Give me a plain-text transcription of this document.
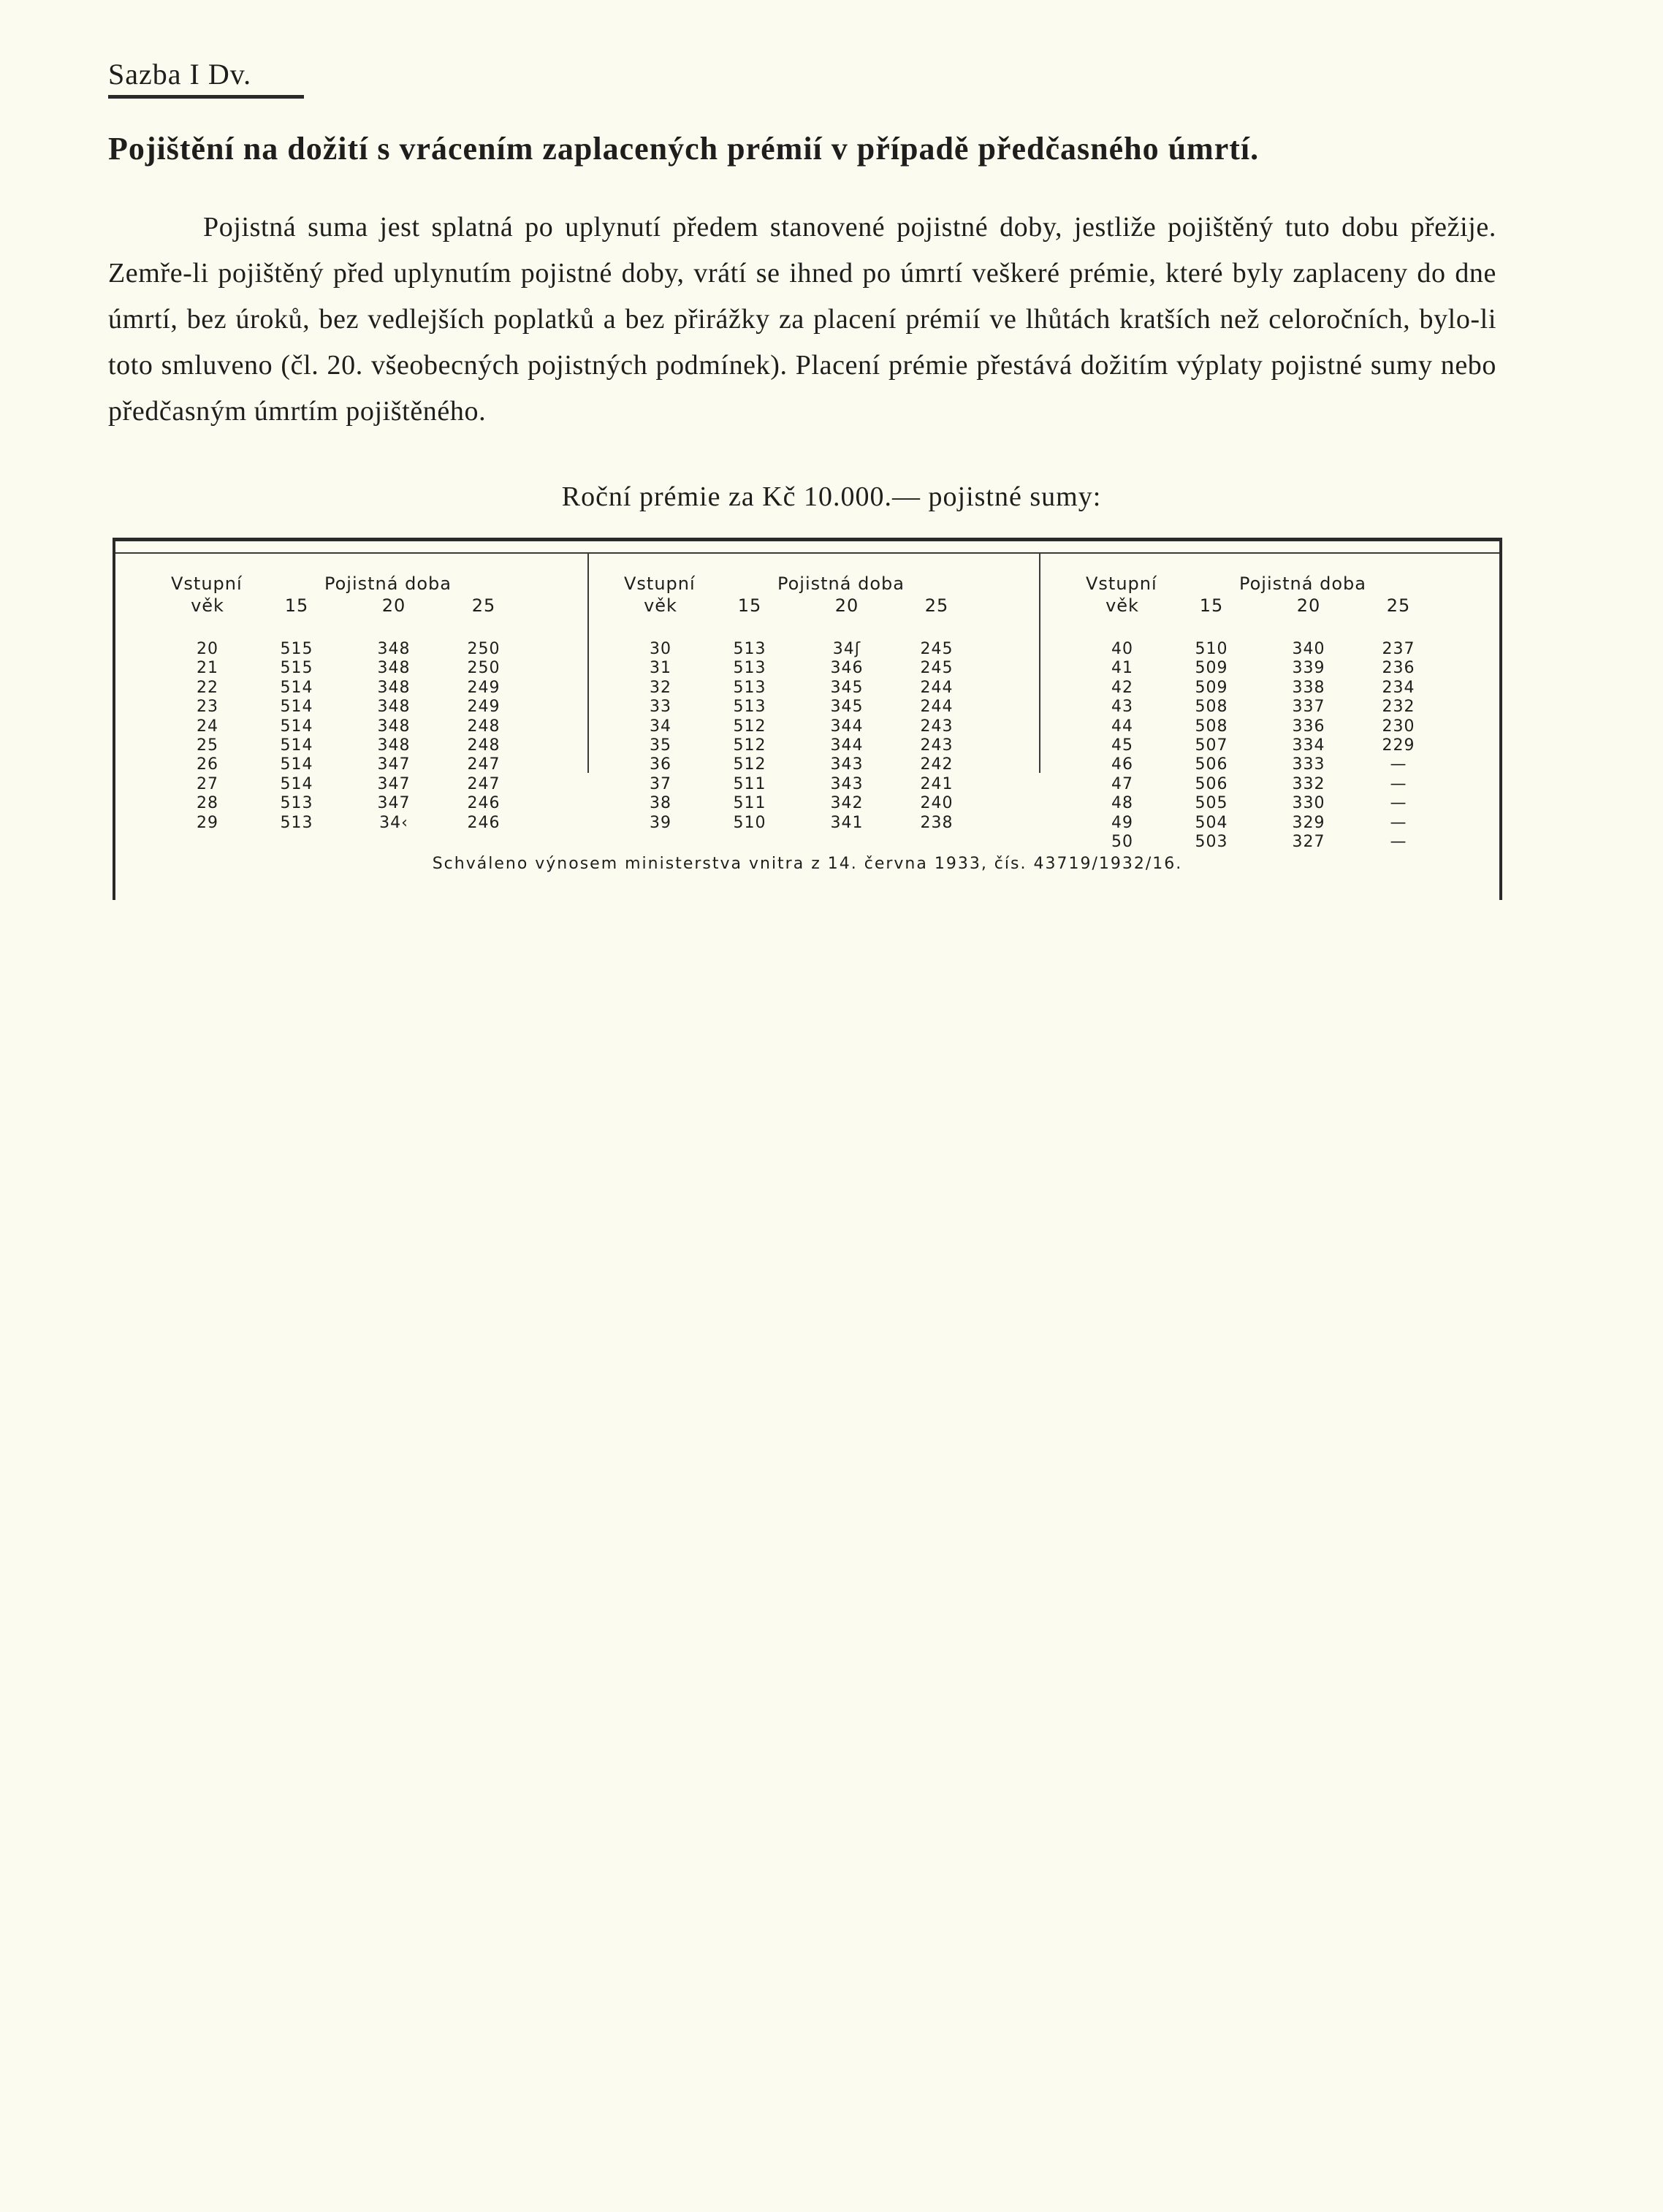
Sazba I Dv.
Pojištění na dožití s vrácením zaplacených prémií v případě předčasného úmrtí.

Pojistná suma jest splatná po uplynutí předem stanovené pojistné doby, jestliže pojištěný tuto dobu přežije. Zemře-li pojištěný před uplynutím pojistné doby, vrátí se ihned po úmrtí veškeré prémie, které byly zaplaceny do dne úmrtí, bez úroků, bez vedlejších poplatků a bez přirážky za placení prémií ve lhůtách kratších než celoročních, bylo-li toto smluveno (čl. 20. všeobecných pojistných podmínek). Placení prémie přestává dožitím výplaty pojistné sumy nebo předčasným úmrtím pojištěného.

Roční prémie za Kč 10.000.— pojistné sumy:
Vstupní	Pojistná doba
věk	15	20	25
20	515	348	250
21	515	348	250
22	514	348	249
23	514	348	249
24	514	348	248
25	514	348	248
26	514	347	247
27	514	347	247
28	513	347	246
29	513	34‹	246
Vstupní	Pojistná doba
věk	15	20	25
30	513	34ʃ	245
31	513	346	245
32	513	345	244
33	513	345	244
34	512	344	243
35	512	344	243
36	512	343	242
37	511	343	241
38	511	342	240
39	510	341	238
Vstupní	Pojistná doba
věk	15	20	25
40	510	340	237
41	509	339	236
42	509	338	234
43	508	337	232
44	508	336	230
45	507	334	229
46	506	333	—
47	506	332	—
48	505	330	—
49	504	329	—
50	503	327	—
Schváleno výnosem ministerstva vnitra z 14. června 1933, čís. 43719/1932/16.
